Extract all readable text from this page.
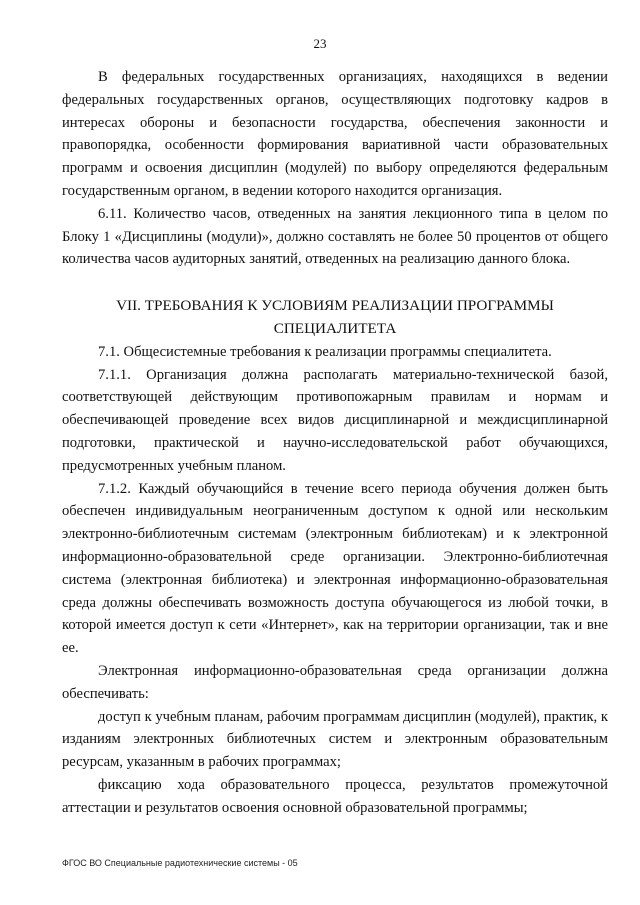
23

В федеральных государственных организациях, находящихся в ведении федеральных государственных органов, осуществляющих подготовку кадров в интересах обороны и безопасности государства, обеспечения законности и правопорядка, особенности формирования вариативной части образовательных программ и освоения дисциплин (модулей) по выбору определяются федеральным государственным органом, в ведении которого находится организация.

6.11. Количество часов, отведенных на занятия лекционного типа в целом по Блоку 1 «Дисциплины (модули)», должно составлять не более 50 процентов от общего количества часов аудиторных занятий, отведенных на реализацию данного блока.

VII. ТРЕБОВАНИЯ К УСЛОВИЯМ РЕАЛИЗАЦИИ ПРОГРАММЫ
СПЕЦИАЛИТЕТА

7.1. Общесистемные требования к реализации программы специалитета.

7.1.1. Организация должна располагать материально-технической базой, соответствующей действующим противопожарным правилам и нормам и обеспечивающей проведение всех видов дисциплинарной и междисциплинарной подготовки, практической и научно-исследовательской работ обучающихся, предусмотренных учебным планом.

7.1.2. Каждый обучающийся в течение всего периода обучения должен быть обеспечен индивидуальным неограниченным доступом к одной или нескольким электронно-библиотечным системам (электронным библиотекам) и к электронной информационно-образовательной среде организации. Электронно-библиотечная система (электронная библиотека) и электронная информационно-образовательная среда должны обеспечивать возможность доступа обучающегося из любой точки, в которой имеется доступ к сети «Интернет», как на территории организации, так и вне ее.

Электронная информационно-образовательная среда организации должна обеспечивать:

доступ к учебным планам, рабочим программам дисциплин (модулей), практик, к изданиям электронных библиотечных систем и электронным образовательным ресурсам, указанным в рабочих программах;

фиксацию хода образовательного процесса, результатов промежуточной аттестации и результатов освоения основной образовательной программы;

ФГОС ВО Специальные радиотехнические системы - 05
